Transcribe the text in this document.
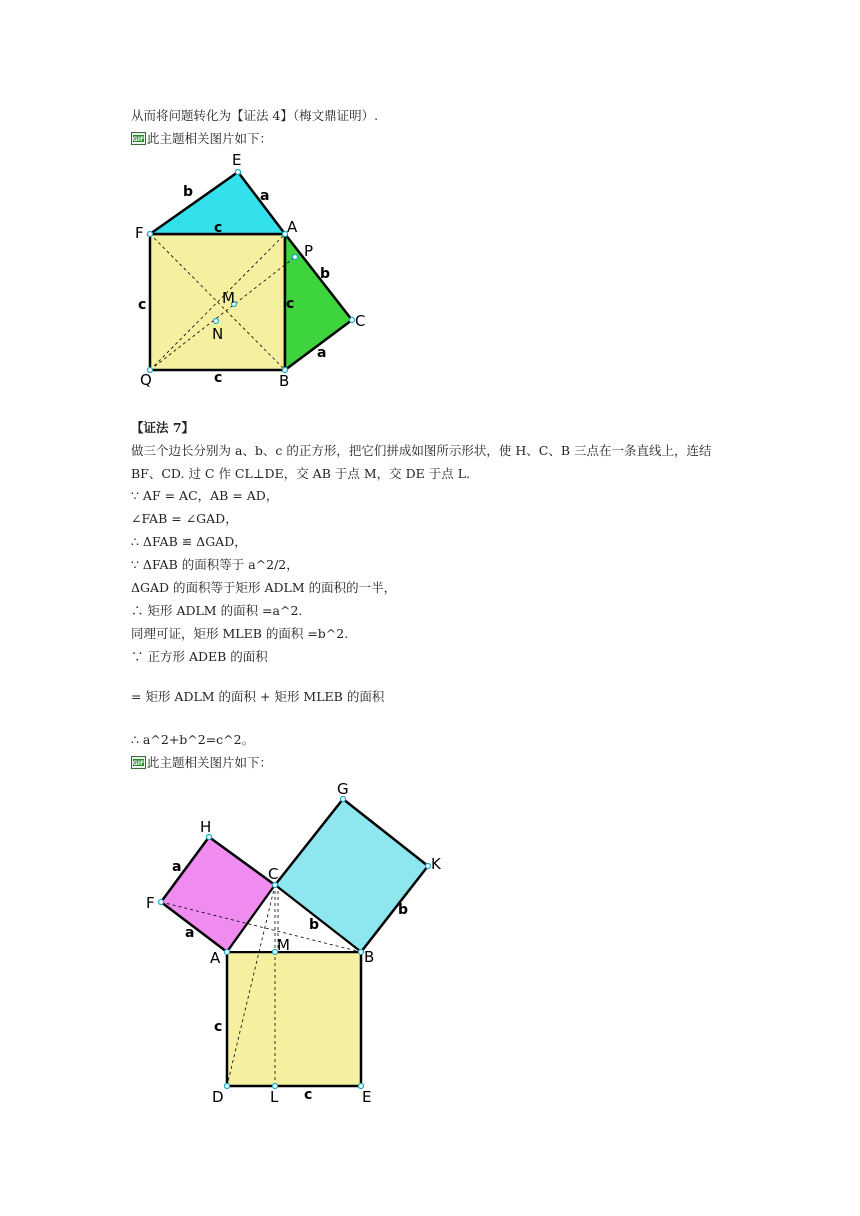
从而将问题转化为【证法 4】（梅文鼎证明）.
GIF 此主题相关图片如下：
E
F	A
P
M
N
C
Q	B
b	a
c
c	c
c
b
a
【证法 7】
做三个边长分别为 a、b、c 的正方形，把它们拼成如图所示形状，使 H、C、B 三点在一条直线上，连结 BF、CD. 过 C 作 CL⊥DE，交 AB 于点 M，交 DE 于点 L.
∵ AF = AC，AB = AD，
∠FAB = ∠GAD，
∴ ΔFAB ≌ ΔGAD，
∵ ΔFAB 的面积等于 a^2/2，
ΔGAD 的面积等于矩形 ADLM 的面积的一半，
∴ 矩形 ADLM 的面积 =a^2.
同理可证，矩形 MLEB 的面积 =b^2.
∵ 正方形 ADEB 的面积
= 矩形 ADLM 的面积 + 矩形 MLEB 的面积
∴ a^2+b^2=c^2。
GIF 此主题相关图片如下：
G
H
K
C
F
A
M
B
D	L	E
a
a	b
b
c
c
